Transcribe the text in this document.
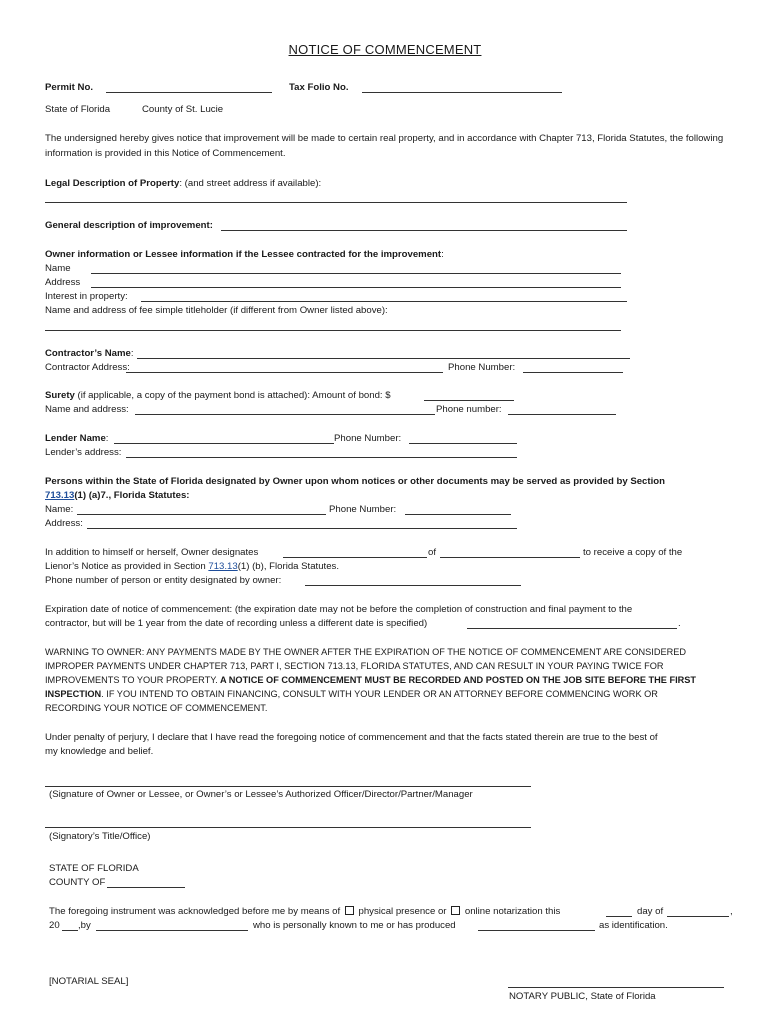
NOTICE OF COMMENCEMENT
Permit No.	Tax Folio No.
State of Florida	County of St. Lucie
The undersigned hereby gives notice that improvement will be made to certain real property, and in accordance with Chapter 713, Florida Statutes, the following information is provided in this Notice of Commencement.
Legal Description of Property: (and street address if available):
General description of improvement:
Owner information or Lessee information if the Lessee contracted for the improvement:
Name
Address
Interest in property:
Name and address of fee simple titleholder (if different from Owner listed above):
Contractor’s Name:
Contractor Address:	Phone Number:
Surety (if applicable, a copy of the payment bond is attached): Amount of bond: $
Name and address:	Phone number:
Lender Name:	Phone Number:
Lender’s address:
Persons within the State of Florida designated by Owner upon whom notices or other documents may be served as provided by Section
713.13(1) (a)7., Florida Statutes:
Name:	Phone Number:
Address:
In addition to himself or herself, Owner designates	of	to receive a copy of the
Lienor’s Notice as provided in Section 713.13(1) (b), Florida Statutes.
Phone number of person or entity designated by owner:
Expiration date of notice of commencement: (the expiration date may not be before the completion of construction and final payment to the
contractor, but will be 1 year from the date of recording unless a different date is specified)	.
WARNING TO OWNER: ANY PAYMENTS MADE BY THE OWNER AFTER THE EXPIRATION OF THE NOTICE OF COMMENCEMENT ARE CONSIDERED
IMPROPER PAYMENTS UNDER CHAPTER 713, PART I, SECTION 713.13, FLORIDA STATUTES, AND CAN RESULT IN YOUR PAYING TWICE FOR
IMPROVEMENTS TO YOUR PROPERTY. A NOTICE OF COMMENCEMENT MUST BE RECORDED AND POSTED ON THE JOB SITE BEFORE THE FIRST
INSPECTION. IF YOU INTEND TO OBTAIN FINANCING, CONSULT WITH YOUR LENDER OR AN ATTORNEY BEFORE COMMENCING WORK OR
RECORDING YOUR NOTICE OF COMMENCEMENT.
Under penalty of perjury, I declare that I have read the foregoing notice of commencement and that the facts stated therein are true to the best of
my knowledge and belief.
(Signature of Owner or Lessee, or Owner’s or Lessee’s Authorized Officer/Director/Partner/Manager
(Signatory’s Title/Office)
STATE OF FLORIDA
COUNTY OF
The foregoing instrument was acknowledged before me by means of physical presence or online notarization this	day of	,
20 ,by	who is personally known to me or has produced	as identification.
[NOTARIAL SEAL]
NOTARY PUBLIC, State of Florida
